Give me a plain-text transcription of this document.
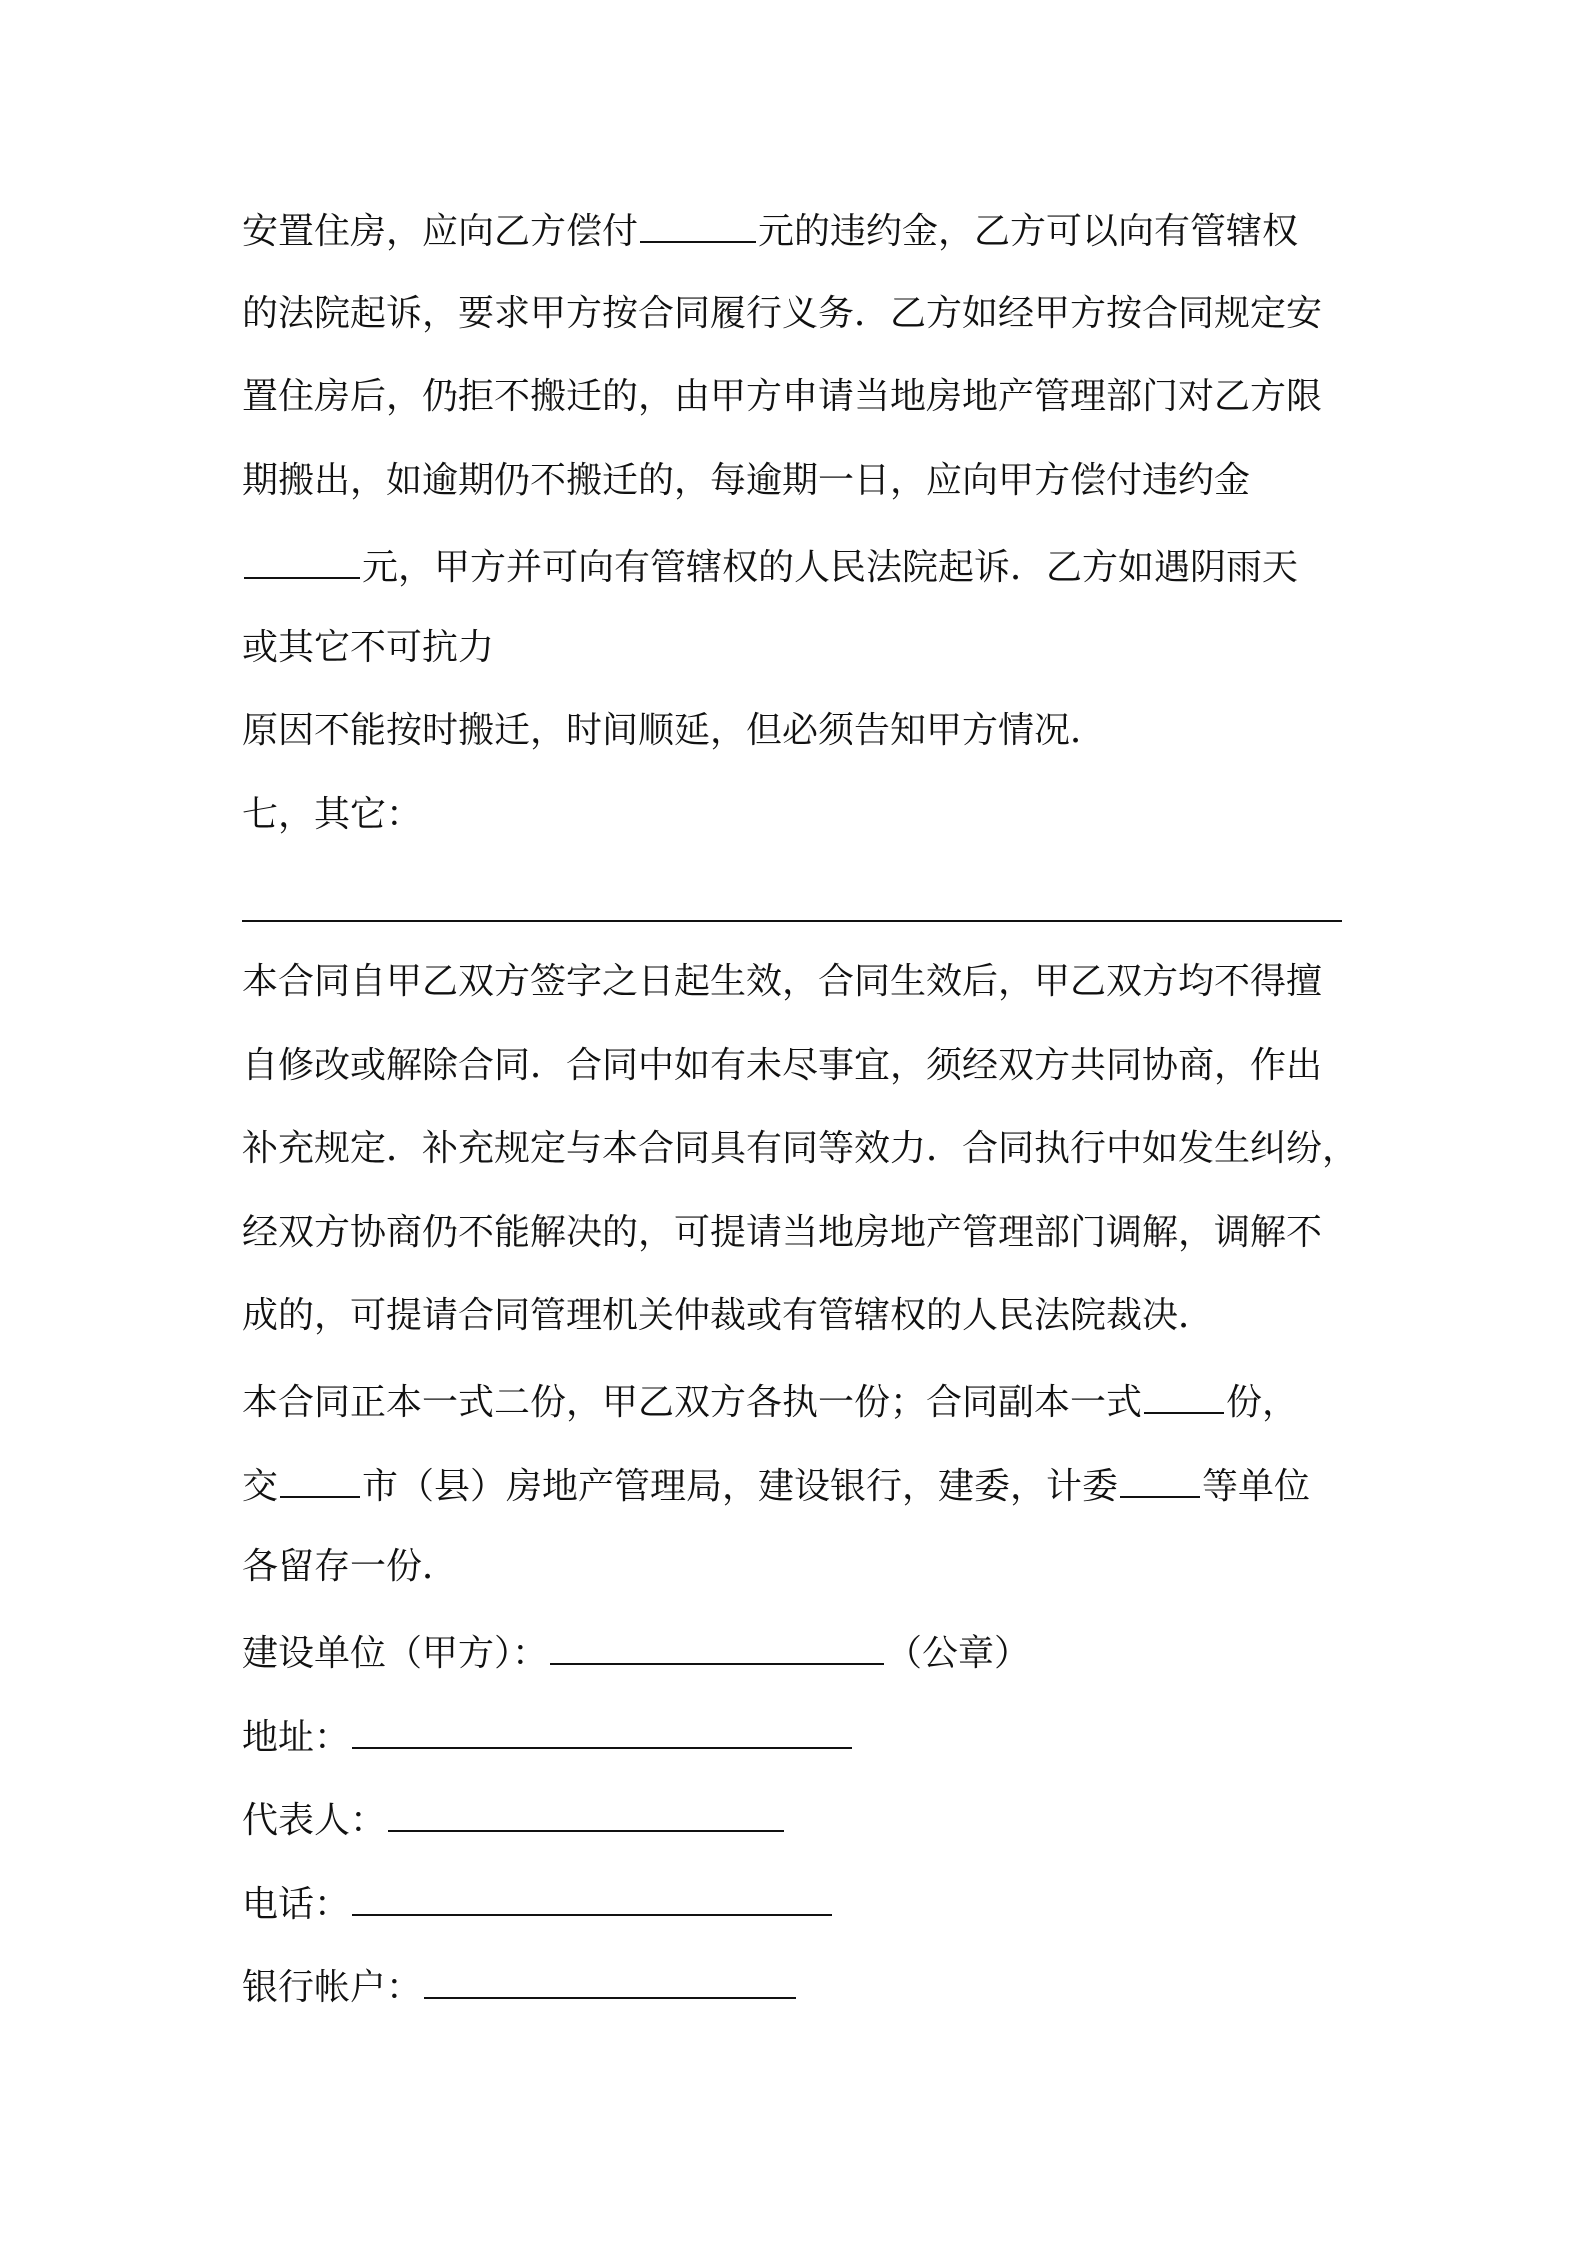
安置住房，应向乙方偿付	元的违约金，乙方可以向有管辖权
的法院起诉，要求甲方按合同履行义务．乙方如经甲方按合同规定安
置住房后，仍拒不搬迁的，由甲方申请当地房地产管理部门对乙方限
期搬出，如逾期仍不搬迁的，每逾期一日，应向甲方偿付违约金
元，甲方并可向有管辖权的人民法院起诉．乙方如遇阴雨天
或其它不可抗力
原因不能按时搬迁，时间顺延，但必须告知甲方情况．
七，其它：
本合同自甲乙双方签字之日起生效，合同生效后，甲乙双方均不得擅
自修改或解除合同．合同中如有未尽事宜，须经双方共同协商，作出
补充规定．补充规定与本合同具有同等效力．合同执行中如发生纠纷，
经双方协商仍不能解决的，可提请当地房地产管理部门调解，调解不
成的，可提请合同管理机关仲裁或有管辖权的人民法院裁决．
本合同正本一式二份，甲乙双方各执一份；合同副本一式 份，
交 市（县）房地产管理局，建设银行，建委，计委 等单位
各留存一份．
建设单位（甲方）：	（公章）
地址：
代表人：
电话：
银行帐户：
